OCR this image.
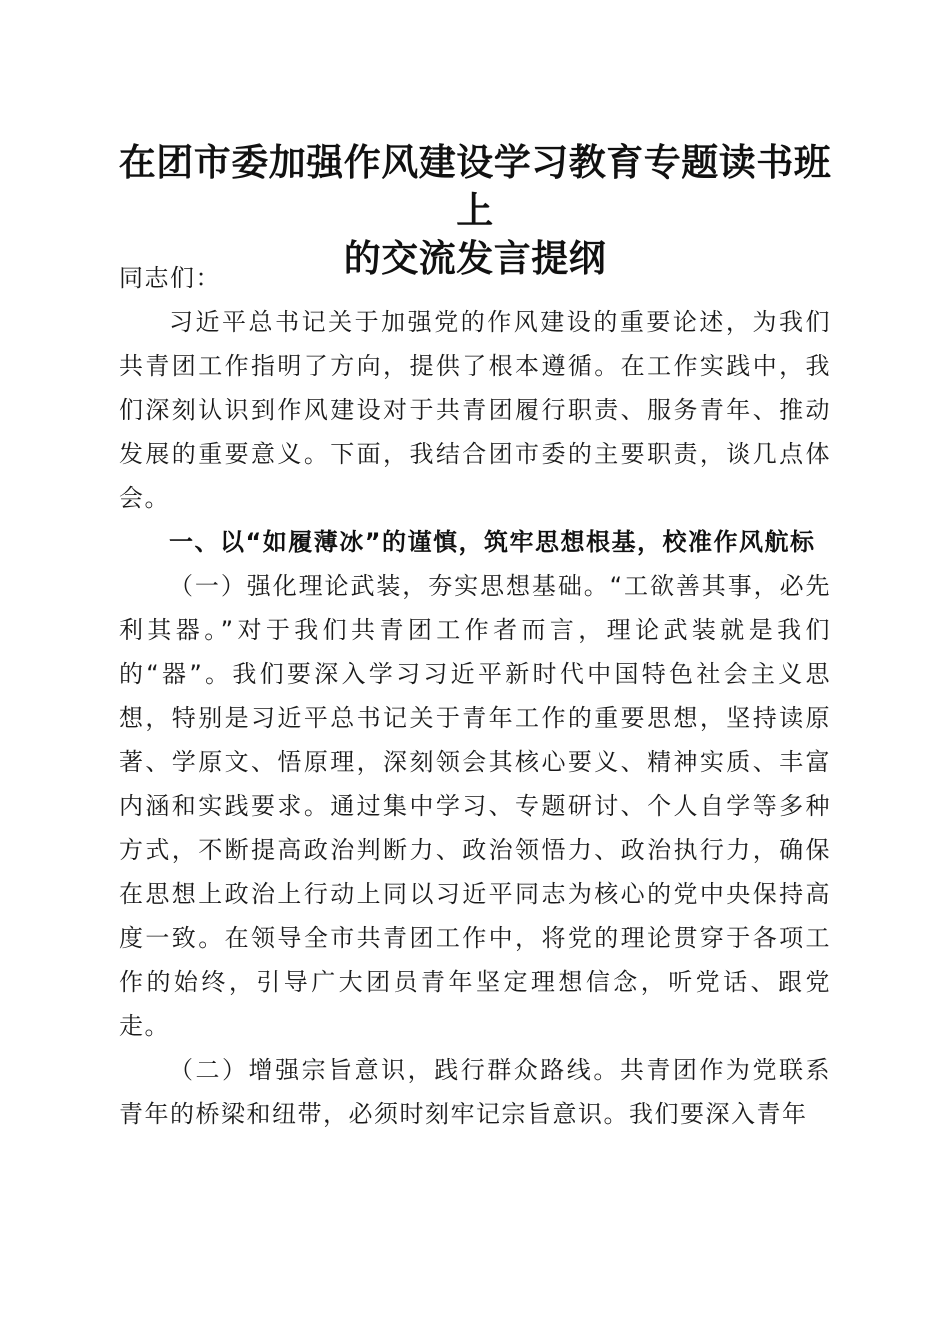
在团市委加强作风建设学习教育专题读书班上
的交流发言提纲

同志们：

习近平总书记关于加强党的作风建设的重要论述，为我们共青团工作指明了方向，提供了根本遵循。在工作实践中，我们深刻认识到作风建设对于共青团履行职责、服务青年、推动发展的重要意义。下面，我结合团市委的主要职责，谈几点体会。

一、以“如履薄冰”的谨慎，筑牢思想根基，校准作风航标

（一）强化理论武装，夯实思想基础。“工欲善其事，必先利其器。”对于我们共青团工作者而言，理论武装就是我们的“器”。我们要深入学习习近平新时代中国特色社会主义思想，特别是习近平总书记关于青年工作的重要思想，坚持读原著、学原文、悟原理，深刻领会其核心要义、精神实质、丰富内涵和实践要求。通过集中学习、专题研讨、个人自学等多种方式，不断提高政治判断力、政治领悟力、政治执行力，确保在思想上政治上行动上同以习近平同志为核心的党中央保持高度一致。在领导全市共青团工作中，将党的理论贯穿于各项工作的始终，引导广大团员青年坚定理想信念，听党话、跟党走。

（二）增强宗旨意识，践行群众路线。共青团作为党联系青年的桥梁和纽带，必须时刻牢记宗旨意识。我们要深入青年
